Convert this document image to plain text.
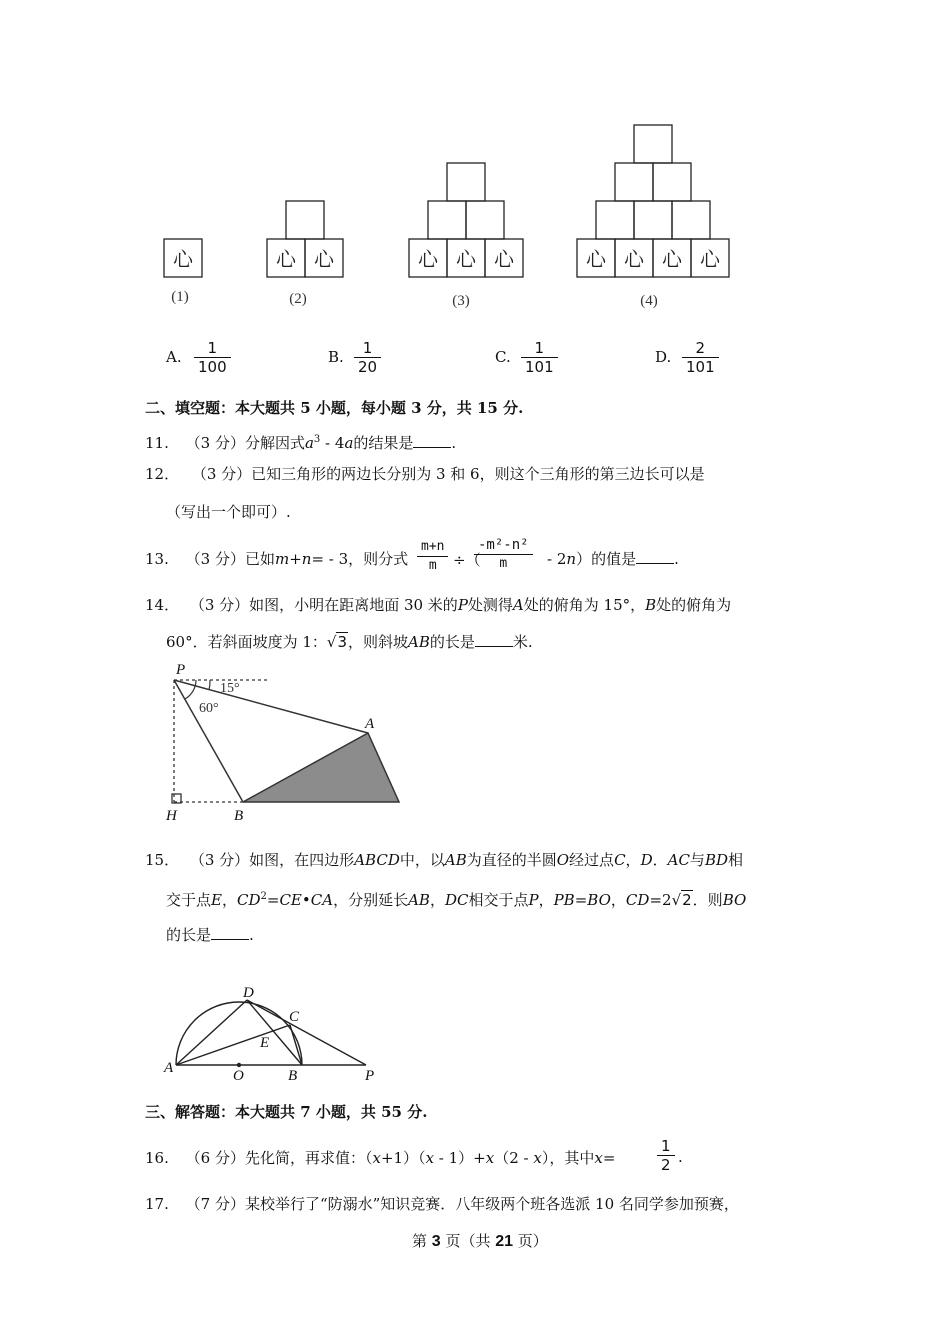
心	心 心	心 心 心	心 心 心 心
(1)	(2)	(3)	(4)
A. $\frac{1}{100}$	B. $\frac{1}{20}$	C. $\frac{1}{101}$	D. $\frac{2}{101}$
二、填空题：本大题共 5 小题，每小题 3 分，共 15 分.
11. （3 分）分解因式$a^3 - 4a$的结果是	.
12． （3 分）已知三角形的两边长分别为 3 和 6，则这个三角形的第三边长可以是
（写出一个即可）.
13. （3 分）已如m+n= - 3，则分式 $\frac{m+n}{m}$ ÷（
$\frac{\text{-m²-n²}}{m} - 2n$）的值是	.
14． （3 分）如图，小明在距离地面 30 米的P处测得A处的俯角为 15°，B处的俯角为
60°．若斜面坡度为 1：√3，则斜坡AB的长是	米.
P
A
B
H
15°
60°
15． （3 分）如图，在四边形ABCD中，以AB为直径的半圆O经过点C，D．AC与BD相
交于点E，$CD^2=CE•CA$，分别延长AB，DC相交于点P，PB=BO，CD=2√2．则BO
的长是	.
A	O	B	P
C
D
E
三、解答题：本大题共 7 小题，共 55 分.
16. （6 分）先化简，再求值：（x+1）（x - 1）+x（2 - x），其中x=	$\frac{1}{2}$ .
17. （7 分）某校举行了“防溺水”知识竞赛．八年级两个班各选派 10 名同学参加预赛，
第 3 页（共 21 页）
